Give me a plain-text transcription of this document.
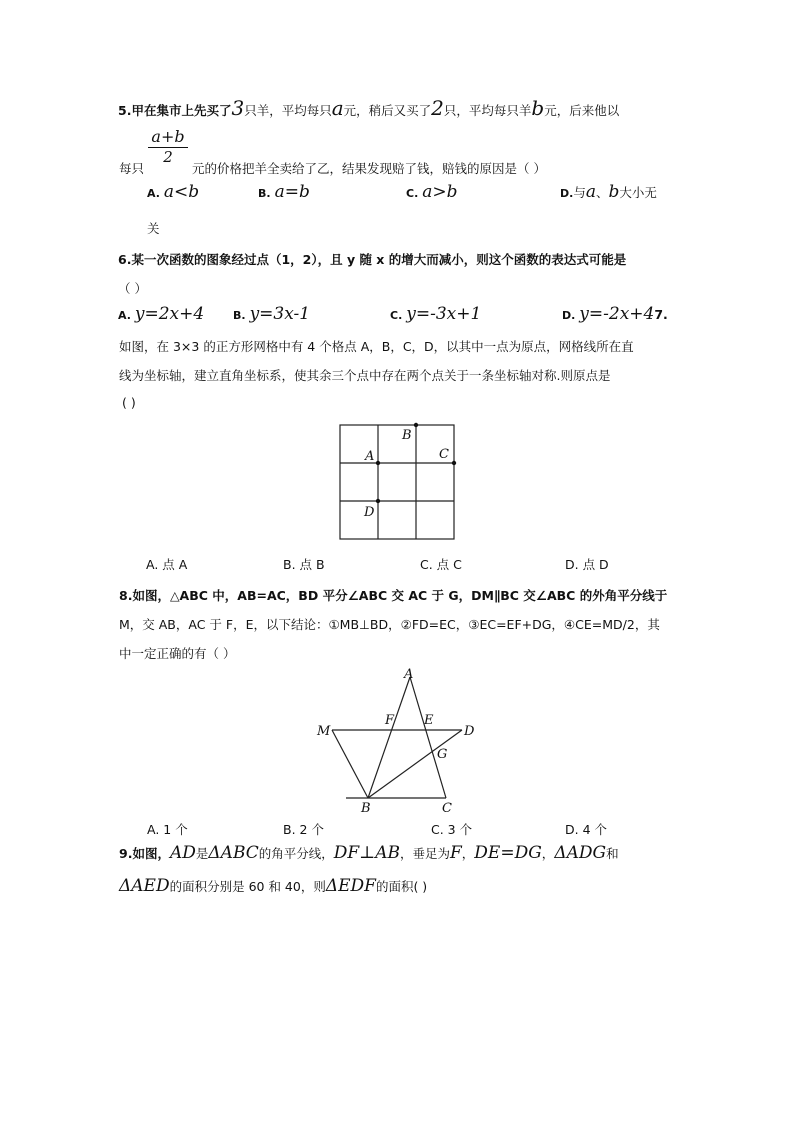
5.甲在集市上先买了3只羊，平均每只a元，稍后又买了2只，平均每只羊b元，后来他以
a+b
2
每只	元的价格把羊全卖给了乙，结果发现赔了钱，赔钱的原因是（ ）
A. a<b	B. a=b	C. a>b	D.与a、b大小无
关
6.某一次函数的图象经过点（1，2），且 y 随 x 的增大而减小，则这个函数的表达式可能是
（ ）
A. y=2x+4	B. y=3x-1	C. y=-3x+1	D. y=-2x+47.
如图，在 3×3 的正方形网格中有 4 个格点 A，B，C，D，以其中一点为原点，网格线所在直
线为坐标轴，建立直角坐标系，使其余三个点中存在两个点关于一条坐标轴对称.则原点是
( )
A
B
C
D
A. 点 A	B. 点 B	C. 点 C	D. 点 D
8.如图，△ABC 中，AB=AC，BD 平分∠ABC 交 AC 于 G，DM∥BC 交∠ABC 的外角平分线于
M，交 AB，AC 于 F，E，以下结论：①MB⊥BD，②FD=EC，③EC=EF+DG，④CE=MD/2，其
中一定正确的有（ ）
A
M
F E
D
G
B	C
A. 1 个	B. 2 个	C. 3 个	D. 4 个
9.如图，AD是ΔABC的角平分线，DF⊥AB，垂足为F，DE=DG，ΔADG和
ΔAED的面积分别是 60 和 40，则ΔEDF的面积( )
